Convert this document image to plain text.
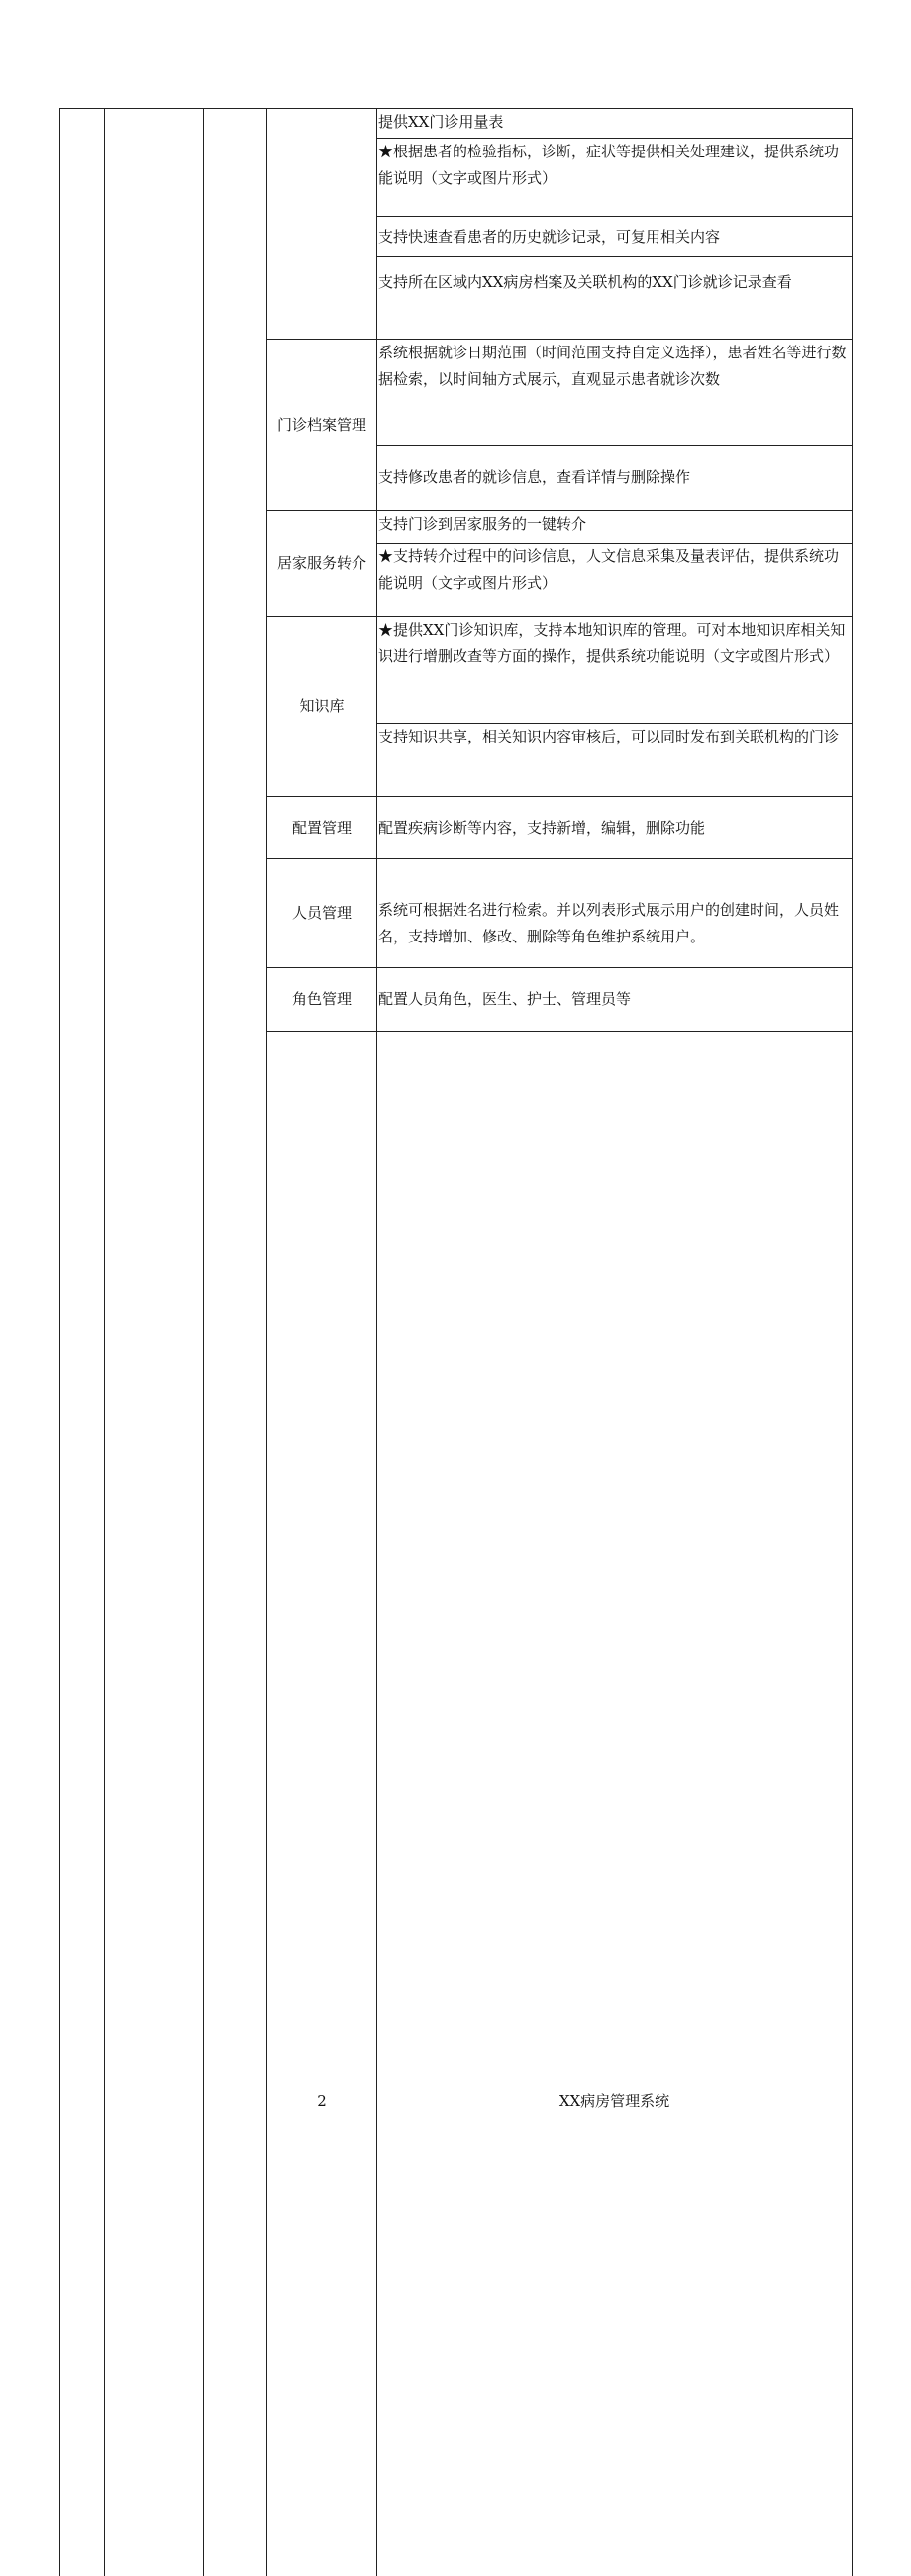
				提供XX门诊用量表	
				★根据患者的检验指标，诊断，症状等提供相关处理建议，提供系统功能说明（文字或图片形式）	
				支持快速查看患者的历史就诊记录，可复用相关内容	
				支持所在区域内XX病房档案及关联机构的XX门诊就诊记录查看	
			门诊档案管理	系统根据就诊日期范围（时间范围支持自定义选择），患者姓名等进行数据检索，以时间轴方式展示，直观显示患者就诊次数	
				支持修改患者的就诊信息，查看详情与删除操作	
			居家服务转介	支持门诊到居家服务的一键转介	
				★支持转介过程中的问诊信息，人文信息采集及量表评估，提供系统功能说明（文字或图片形式）	
			知识库	★提供XX门诊知识库，支持本地知识库的管理。可对本地知识库相关知识进行增删改查等方面的操作，提供系统功能说明（文字或图片形式）	
				支持知识共享，相关知识内容审核后，可以同时发布到关联机构的门诊	
			配置管理	配置疾病诊断等内容，支持新增，编辑，删除功能	
			人员管理	系统可根据姓名进行检索。并以列表形式展示用户的创建时间，人员姓名，支持增加、修改、删除等角色维护系统用户。	
			角色管理	配置人员角色，医生、护士、管理员等	
			2	XX病房管理系统			
